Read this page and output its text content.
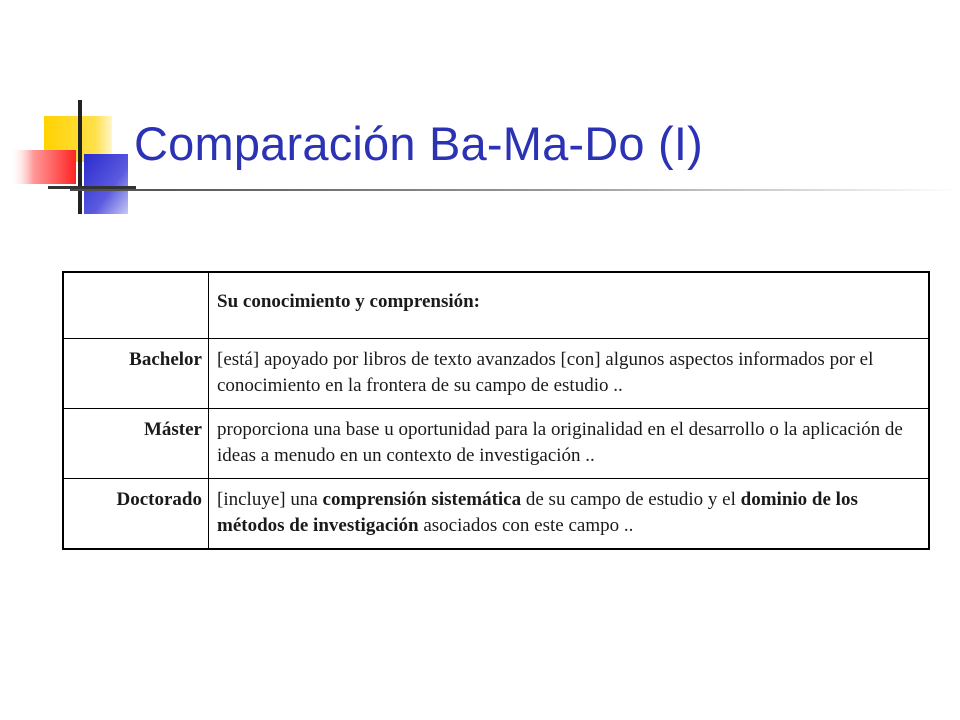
Comparación Ba-Ma-Do (I)
	Su conocimiento y comprensión:
Bachelor	[está] apoyado por libros de texto avanzados [con] algunos aspectos informados por el conocimiento en la frontera de su campo de estudio ..
Máster	proporciona una base u oportunidad para la originalidad en el desarrollo o la aplicación de ideas a menudo en un contexto de investigación ..
Doctorado	[incluye] una comprensión sistemática de su campo de estudio y el dominio de los métodos de investigación asociados con este campo ..
